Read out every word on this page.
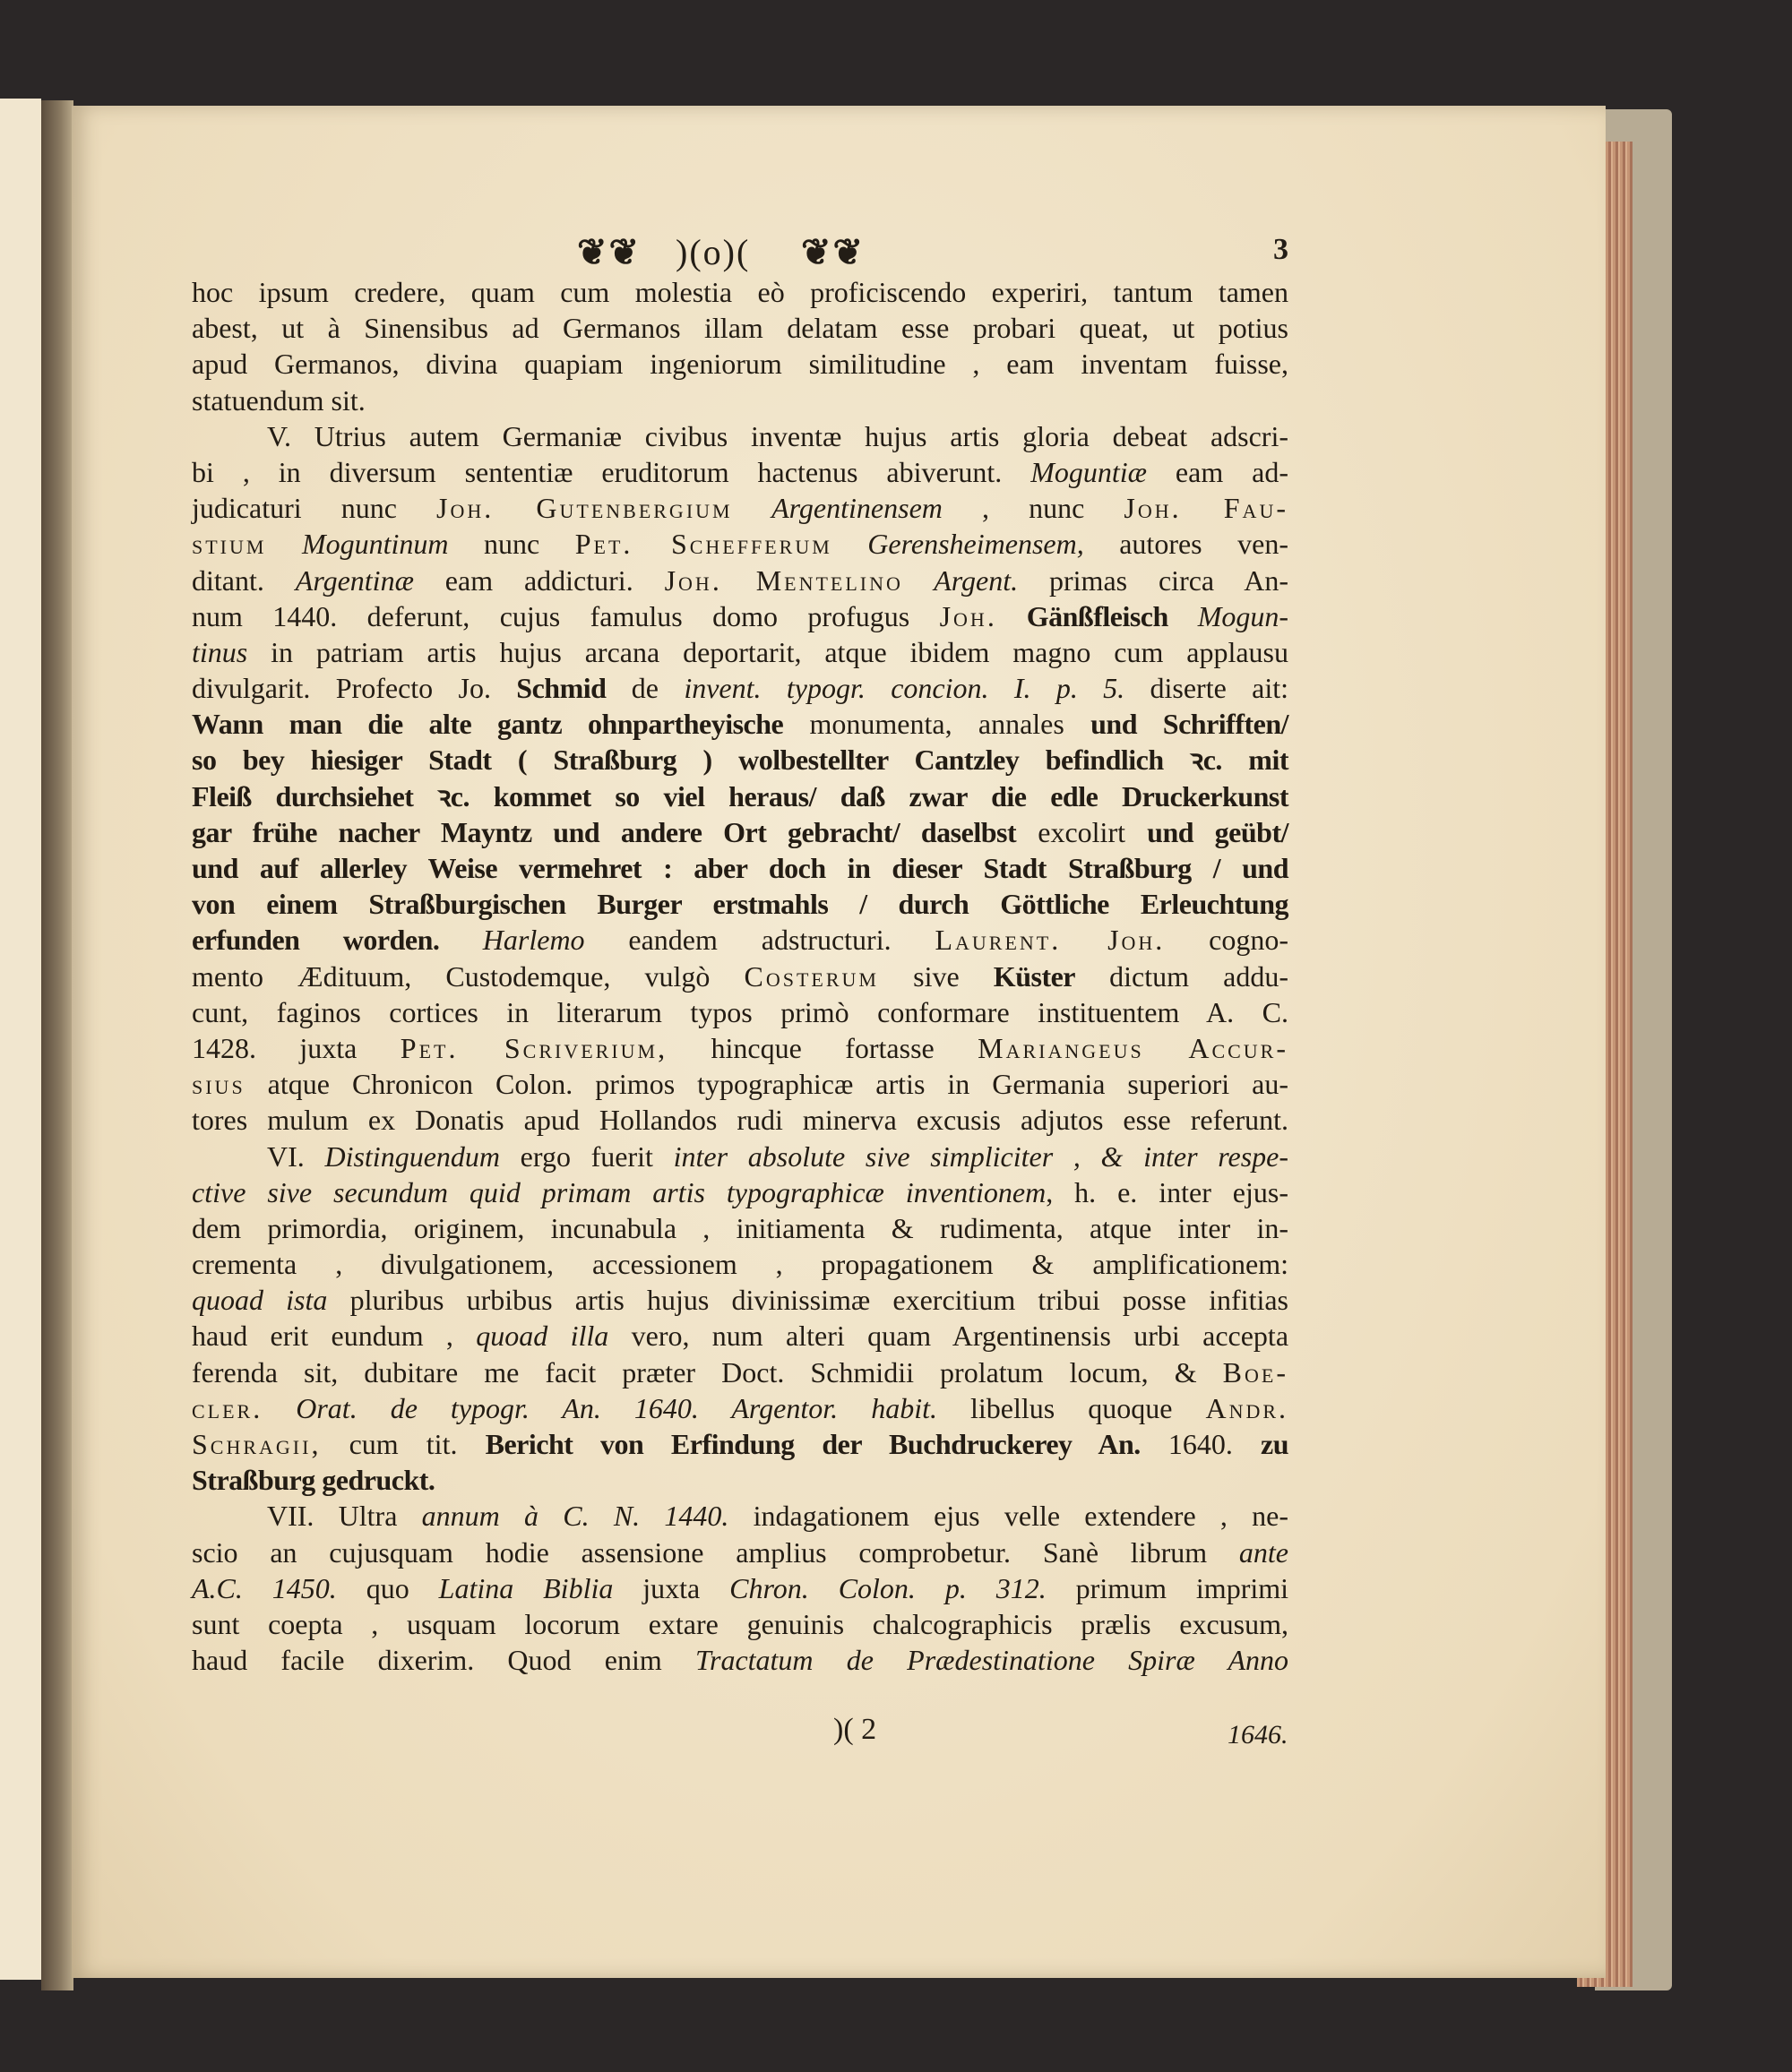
❦❦ )(o)( ❦❦	3
hoc ipsum credere, quam cum molestia eò proficiscendo experiri, tantum tamen
abest, ut à Sinensibus ad Germanos illam delatam esse probari queat, ut potius
apud Germanos, divina quapiam ingeniorum similitudine , eam inventam fuisse,
statuendum sit.
V. Utrius autem Germaniæ civibus inventæ hujus artis gloria debeat adscri-
bi , in diversum sententiæ eruditorum hactenus abiverunt. Moguntiæ eam ad-
judicaturi nunc Joh. Gutenbergium Argentinensem , nunc Joh. Fau-
stium Moguntinum nunc Pet. Schefferum Gerensheimensem, autores ven-
ditant. Argentinæ eam addicturi. Joh. Mentelino Argent. primas circa An-
num 1440. deferunt, cujus famulus domo profugus Joh. Gänßfleisch Mogun-
tinus in patriam artis hujus arcana deportarit, atque ibidem magno cum applausu
divulgarit. Profecto Jo. Schmid de invent. typogr. concion. I. p. 5. diserte ait:
Wann man die alte gantz ohnpartheyische monumenta, annales und Schrifften/
so bey hiesiger Stadt ( Straßburg ) wolbestellter Cantzley befindlich ꝛc. mit
Fleiß durchsiehet ꝛc. kommet so viel heraus/ daß zwar die edle Druckerkunst
gar frühe nacher Mayntz und andere Ort gebracht/ daselbst excolirt und geübt/
und auf allerley Weise vermehret : aber doch in dieser Stadt Straßburg / und
von einem Straßburgischen Burger erstmahls / durch Göttliche Erleuchtung
erfunden worden. Harlemo eandem adstructuri. Laurent. Joh. cogno-
mento Ædituum, Custodemque, vulgò Costerum sive Küster dictum addu-
cunt, faginos cortices in literarum typos primò conformare instituentem A. C.
1428. juxta Pet. Scriverium, hincque fortasse Mariangeus Accur-
sius atque Chronicon Colon. primos typographicæ artis in Germania superiori au-
tores mulum ex Donatis apud Hollandos rudi minerva excusis adjutos esse referunt.
VI. Distinguendum ergo fuerit inter absolute sive simpliciter , & inter respe-
ctive sive secundum quid primam artis typographicæ inventionem, h. e. inter ejus-
dem primordia, originem, incunabula , initiamenta & rudimenta, atque inter in-
crementa , divulgationem, accessionem , propagationem & amplificationem:
quoad ista pluribus urbibus artis hujus divinissimæ exercitium tribui posse infitias
haud erit eundum , quoad illa vero, num alteri quam Argentinensis urbi accepta
ferenda sit, dubitare me facit præter Doct. Schmidii prolatum locum, & Boe-
cler. Orat. de typogr. An. 1640. Argentor. habit. libellus quoque Andr.
Schragii, cum tit. Bericht von Erfindung der Buchdruckerey An. 1640. zu
Straßburg gedruckt.
VII. Ultra annum à C. N. 1440. indagationem ejus velle extendere , ne-
scio an cujusquam hodie assensione amplius comprobetur. Sanè librum ante
A.C. 1450. quo Latina Biblia juxta Chron. Colon. p. 312. primum imprimi
sunt coepta , usquam locorum extare genuinis chalcographicis prælis excusum,
haud facile dixerim. Quod enim Tractatum de Prædestinatione Spiræ Anno
)( 2	1646.
